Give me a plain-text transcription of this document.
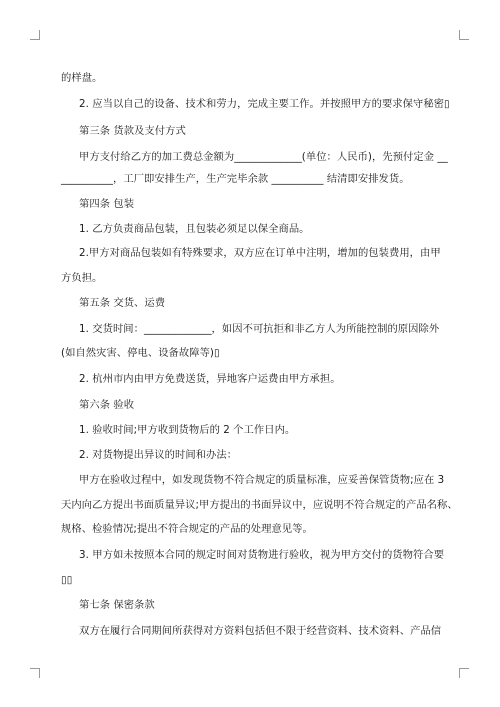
的样盘。
2. 应当以自己的设备、技术和劳力，完成主要工作。并按照甲方的要求保守秘密▯
第三条 货款及支付方式
甲方支付给乙方的加工费总金额为_____________(单位：人民币)，先预付定金 __
__________，工厂即安排生产，生产完毕余款 __________ 结清即安排发货。
第四条 包装
1. 乙方负责商品包装，且包装必须足以保全商品。
2.甲方对商品包装如有特殊要求，双方应在订单中注明，增加的包装费用，由甲
方负担。
第五条 交货、运费
1. 交货时间：_____________，如因不可抗拒和非乙方人为所能控制的原因除外
(如自然灾害、停电、设备故障等)▯
2. 杭州市内由甲方免费送货，异地客户运费由甲方承担。
第六条 验收
1. 验收时间;甲方收到货物后的 2 个工作日内。
2. 对货物提出异议的时间和办法：
甲方在验收过程中，如发现货物不符合规定的质量标准，应妥善保管货物;应在 3
天内向乙方提出书面质量异议;甲方提出的书面异议中，应说明不符合规定的产品名称、
规格、检验情况;提出不符合规定的产品的处理意见等。
3. 甲方如未按照本合同的规定时间对货物进行验收，视为甲方交付的货物符合要
▯▯
第七条 保密条款
双方在履行合同期间所获得对方资料包括但不限于经营资料、技术资料、产品信
